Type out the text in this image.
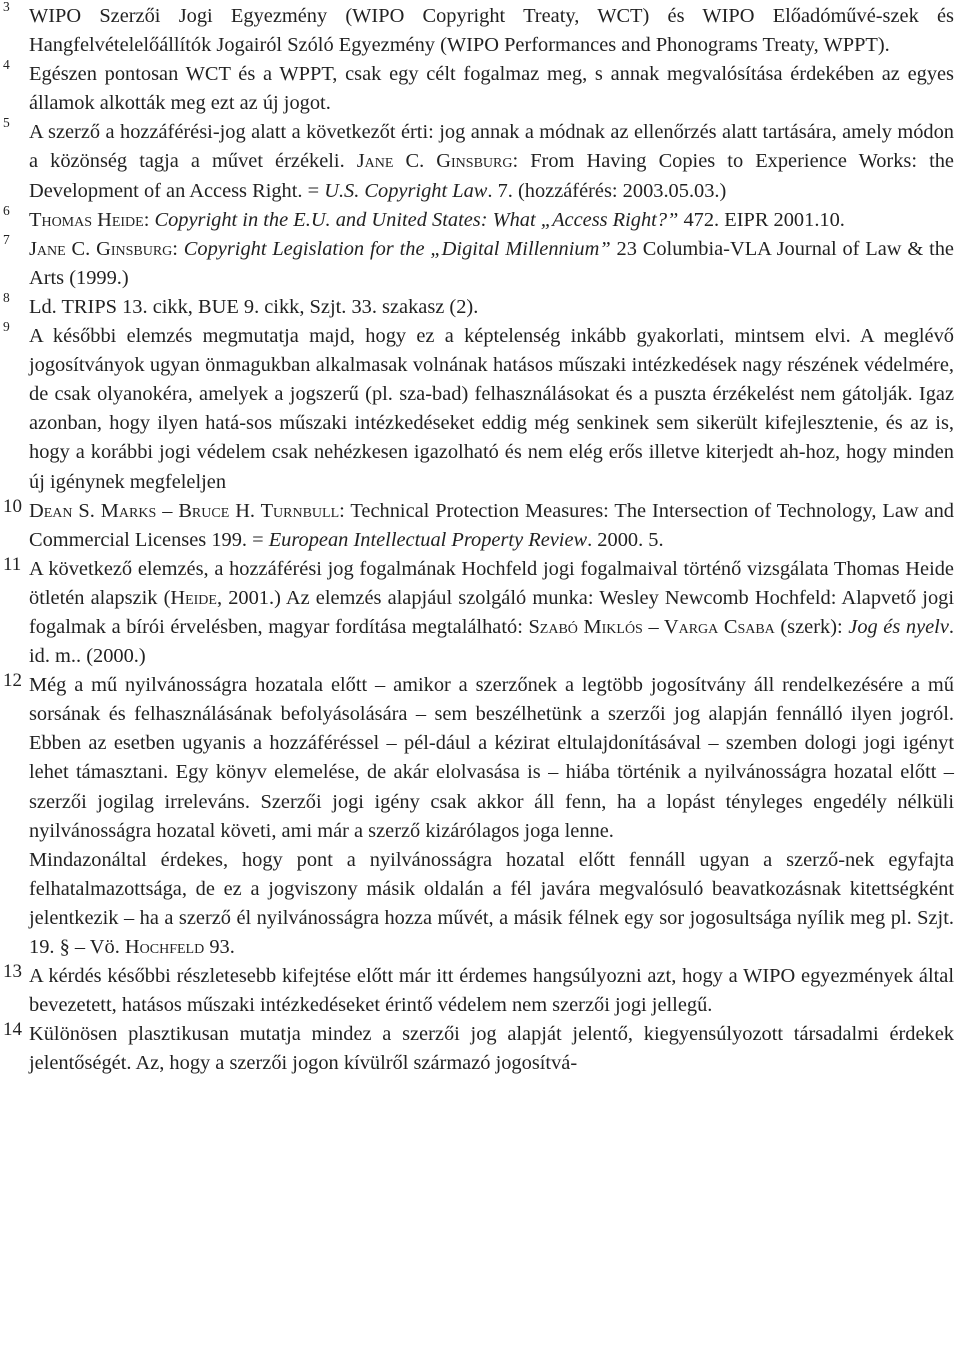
3 WIPO Szerzői Jogi Egyezmény (WIPO Copyright Treaty, WCT) és WIPO Előadóművé-szek és Hangfelvételelőállítók Jogairól Szóló Egyezmény (WIPO Performances and Phonograms Treaty, WPPT).
4 Egészen pontosan WCT és a WPPT, csak egy célt fogalmaz meg, s annak megvalósítása érdekében az egyes államok alkották meg ezt az új jogot.
5 A szerző a hozzáférési-jog alatt a következőt érti: jog annak a módnak az ellenőrzés alatt tartására, amely módon a közönség tagja a művet érzékeli. Jane C. Ginsburg: From Having Copies to Experience Works: the Development of an Access Right. = U.S. Copyright Law. 7. (hozzáférés: 2003.05.03.)
6 Thomas Heide: Copyright in the E.U. and United States: What „Access Right?” 472. EIPR 2001.10.
7 Jane C. Ginsburg: Copyright Legislation for the „Digital Millennium” 23 Columbia-VLA Journal of Law & the Arts (1999.)
8 Ld. TRIPS 13. cikk, BUE 9. cikk, Szjt. 33. szakasz (2).
9 A későbbi elemzés megmutatja majd, hogy ez a képtelenség inkább gyakorlati, mintsem elvi. A meglévő jogosítványok ugyan önmagukban alkalmasak volnának hatásos műszaki intézkedések nagy részének védelmére, de csak olyanokéra, amelyek a jogszerű (pl. sza-bad) felhasználásokat és a puszta érzékelést nem gátolják. Igaz azonban, hogy ilyen hatá-sos műszaki intézkedéseket eddig még senkinek sem sikerült kifejlesztenie, és az is, hogy a korábbi jogi védelem csak nehézkesen igazolható és nem elég erős illetve kiterjedt ah-hoz, hogy minden új igénynek megfeleljen
10 Dean S. Marks – Bruce H. Turnbull: Technical Protection Measures: The Intersection of Technology, Law and Commercial Licenses 199. = European Intellectual Property Review. 2000. 5.
11 A következő elemzés, a hozzáférési jog fogalmának Hochfeld jogi fogalmaival történő vizsgálata Thomas Heide ötletén alapszik (Heide, 2001.) Az elemzés alapjául szolgáló munka: Wesley Newcomb Hochfeld: Alapvető jogi fogalmak a bírói érvelésben, magyar fordítása megtalálható: Szabó Miklós – Varga Csaba (szerk): Jog és nyelv. id. m.. (2000.)
12 Még a mű nyilvánosságra hozatala előtt – amikor a szerzőnek a legtöbb jogosítvány áll rendelkezésére a mű sorsának és felhasználásának befolyásolására – sem beszélhetünk a szerzői jog alapján fennálló ilyen jogról. Ebben az esetben ugyanis a hozzáféréssel – pél-dául a kézirat eltulajdonításával – szemben dologi jogi igényt lehet támasztani. Egy könyv elemelése, de akár elolvasása is – hiába történik a nyilvánosságra hozatal előtt – szerzői jogilag irreleváns. Szerzői jogi igény csak akkor áll fenn, ha a lopást tényleges engedély nélküli nyilvánosságra hozatal követi, ami már a szerző kizárólagos joga lenne.
Mindazonáltal érdekes, hogy pont a nyilvánosságra hozatal előtt fennáll ugyan a szerző-nek egyfajta felhatalmazottsága, de ez a jogviszony másik oldalán a fél javára megvalósuló beavatkozásnak kitettségként jelentkezik – ha a szerző él nyilvánosságra hozza művét, a másik félnek egy sor jogosultsága nyílik meg pl. Szjt. 19. § – Vö. Hochfeld 93.
13 A kérdés későbbi részletesebb kifejtése előtt már itt érdemes hangsúlyozni azt, hogy a WIPO egyezmények által bevezetett, hatásos műszaki intézkedéseket érintő védelem nem szerzői jogi jellegű.
14 Különösen plasztikusan mutatja mindez a szerzői jog alapját jelentő, kiegyensúlyozott társadalmi érdekek jelentőségét. Az, hogy a szerzői jogon kívülről származó jogosítvá-
